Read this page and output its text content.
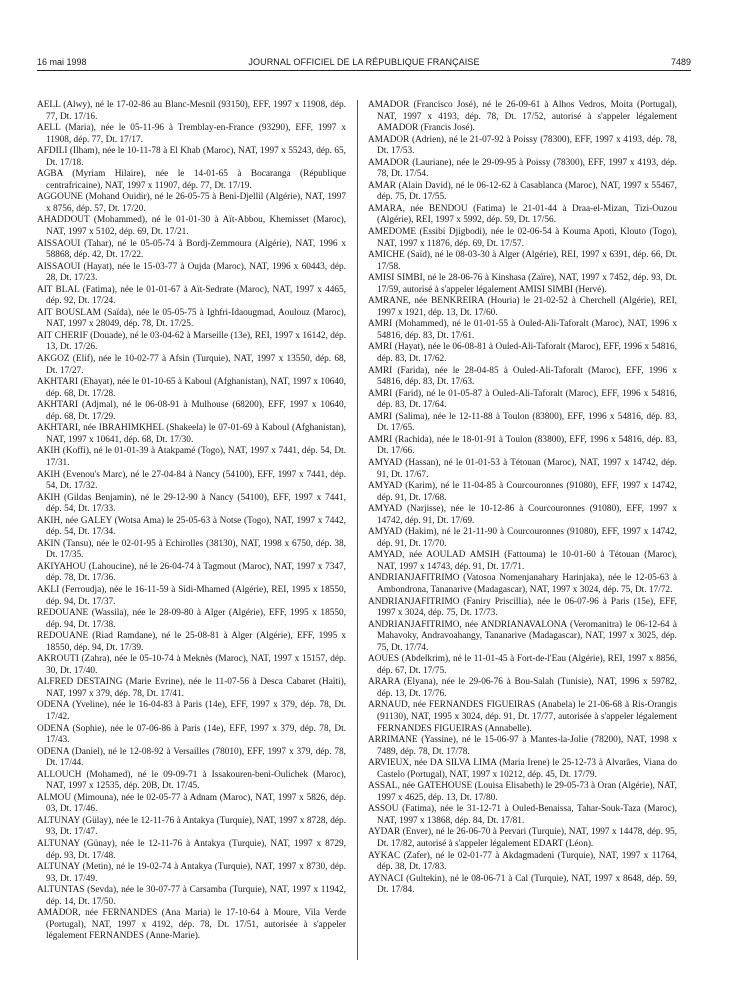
16 mai 1998	JOURNAL OFFICIEL DE LA RÉPUBLIQUE FRANÇAISE	7489

AELL (Alwy), né le 17-02-86 au Blanc-Mesnil (93150), EFF, 1997 x 11908, dép. 77, Dt. 17/16.

AELL (Maria), née le 05-11-96 à Tremblay-en-France (93290), EFF, 1997 x 11908, dép. 77, Dt. 17/17.

AFDILI (Ilham), née le 10-11-78 à El Khab (Maroc), NAT, 1997 x 55243, dép. 65, Dt. 17/18.

AGBA (Myriam Hilaire), née le 14-01-65 à Bocaranga (République centrafricaine), NAT, 1997 x 11907, dép. 77, Dt. 17/19.

AGGOUNE (Mohand Ouidir), né le 26-05-75 à Beni-Djellil (Algérie), NAT, 1997 x 8756, dép. 57, Dt. 17/20.

AHADDOUT (Mohammed), né le 01-01-30 à Aït-Abbou, Khemisset (Maroc), NAT, 1997 x 5102, dép. 69, Dt. 17/21.

AISSAOUI (Tahar), né le 05-05-74 à Bordj-Zemmoura (Algérie), NAT, 1996 x 58868, dép. 42, Dt. 17/22.

AISSAOUI (Hayat), née le 15-03-77 à Oujda (Maroc), NAT, 1996 x 60443, dép. 28, Dt. 17/23.

AIT BLAL (Fatima), née le 01-01-67 à Aït-Sedrate (Maroc), NAT, 1997 x 4465, dép. 92, Dt. 17/24.

AIT BOUSLAM (Saïda), née le 05-05-75 à Ighfri-Idaougmad, Aoulouz (Maroc), NAT, 1997 x 28049, dép. 78, Dt. 17/25.

AIT CHERIF (Douade), né le 03-04-62 à Marseille (13e), REI, 1997 x 16142, dép. 13, Dt. 17/26.

AKGOZ (Elif), née le 10-02-77 à Afsin (Turquie), NAT, 1997 x 13550, dép. 68, Dt. 17/27.

AKHTARI (Ehayat), née le 01-10-65 à Kaboul (Afghanistan), NAT, 1997 x 10640, dép. 68, Dt. 17/28.

AKHTARI (Adjmal), né le 06-08-91 à Mulhouse (68200), EFF, 1997 x 10640, dép. 68, Dt. 17/29.

AKHTARI, née IBRAHIMKHEL (Shakeela) le 07-01-69 à Kaboul (Afghanistan), NAT, 1997 x 10641, dép. 68, Dt. 17/30.

AKIH (Koffi), né le 01-01-39 à Atakpamé (Togo), NAT, 1997 x 7441, dép. 54, Dt. 17/31.

AKIH (Evenou's Marc), né le 27-04-84 à Nancy (54100), EFF, 1997 x 7441, dép. 54, Dt. 17/32.

AKIH (Gildas Benjamin), né le 29-12-90 à Nancy (54100), EFF, 1997 x 7441, dép. 54, Dt. 17/33.

AKIH, née GALEY (Wotsa Ama) le 25-05-63 à Notse (Togo), NAT, 1997 x 7442, dép. 54, Dt. 17/34.

AKIN (Tansu), née le 02-01-95 à Echirolles (38130), NAT, 1998 x 6750, dép. 38, Dt. 17/35.

AKIYAHOU (Lahoucine), né le 26-04-74 à Tagmout (Maroc), NAT, 1997 x 7347, dép. 78, Dt. 17/36.

AKLI (Ferroudja), née le 16-11-59 à Sidi-Mhamed (Algérie), REI, 1995 x 18550, dép. 94, Dt. 17/37.

REDOUANE (Wassila), née le 28-09-80 à Alger (Algérie), EFF, 1995 x 18550, dép. 94, Dt. 17/38.

REDOUANE (Riad Ramdane), né le 25-08-81 à Alger (Algérie), EFF, 1995 x 18550, dép. 94, Dt. 17/39.

AKROUTI (Zahra), née le 05-10-74 à Meknès (Maroc), NAT, 1997 x 15157, dép. 30, Dt. 17/40.

ALFRED DESTAING (Marie Evrine), née le 11-07-56 à Desca Cabaret (Haïti), NAT, 1997 x 379, dép. 78, Dt. 17/41.

ODENA (Yveline), née le 16-04-83 à Paris (14e), EFF, 1997 x 379, dép. 78, Dt. 17/42.

ODENA (Sophie), née le 07-06-86 à Paris (14e), EFF, 1997 x 379, dép. 78, Dt. 17/43.

ODENA (Daniel), né le 12-08-92 à Versailles (78010), EFF, 1997 x 379, dép. 78, Dt. 17/44.

ALLOUCH (Mohamed), né le 09-09-71 à Issakouren-beni-Oulichek (Maroc), NAT, 1997 x 12535, dép. 20B, Dt. 17/45.

ALMOU (Mimouna), née le 02-05-77 à Adnam (Maroc), NAT, 1997 x 5826, dép. 03, Dt. 17/46.

ALTUNAY (Gülay), née le 12-11-76 à Antakya (Turquie), NAT, 1997 x 8728, dép. 93, Dt. 17/47.

ALTUNAY (Günay), née le 12-11-76 à Antakya (Turquie), NAT, 1997 x 8729, dép. 93, Dt. 17/48.

ALTUNAY (Metin), né le 19-02-74 à Antakya (Turquie), NAT, 1997 x 8730, dép. 93, Dt. 17/49.

ALTUNTAS (Sevda), née le 30-07-77 à Carsamba (Turquie), NAT, 1997 x 11942, dép. 14, Dt. 17/50.

AMADOR, née FERNANDES (Ana Maria) le 17-10-64 à Moure, Vila Verde (Portugal), NAT, 1997 x 4192, dép. 78, Dt. 17/51, autorisée à s'appeler légalement FERNANDES (Anne-Marie).

AMADOR (Francisco José), né le 26-09-61 à Alhos Vedros, Moita (Portugal), NAT, 1997 x 4193, dép. 78, Dt. 17/52, autorisé à s'appeler légalement AMADOR (Francis José).

AMADOR (Adrien), né le 21-07-92 à Poissy (78300), EFF, 1997 x 4193, dép. 78, Dt. 17/53.

AMADOR (Lauriane), née le 29-09-95 à Poissy (78300), EFF, 1997 x 4193, dép. 78, Dt. 17/54.

AMAR (Alain David), né le 06-12-62 à Casablanca (Maroc), NAT, 1997 x 55467, dép. 75, Dt. 17/55.

AMARA, née BENDOU (Fatima) le 21-01-44 à Draa-el-Mizan, Tizi-Ouzou (Algérie), REI, 1997 x 5992, dép. 59, Dt. 17/56.

AMEDOME (Essibi Djigbodi), née le 02-06-54 à Kouma Apoti, Klouto (Togo), NAT, 1997 x 11876, dép. 69, Dt. 17/57.

AMICHE (Saïd), né le 08-03-30 à Alger (Algérie), REI, 1997 x 6391, dép. 66, Dt. 17/58.

AMISI SIMBI, né le 28-06-76 à Kinshasa (Zaïre), NAT, 1997 x 7452, dép. 93, Dt. 17/59, autorisé à s'appeler légalement AMISI SIMBI (Hervé).

AMRANE, née BENKREIRA (Houria) le 21-02-52 à Cherchell (Algérie), REI, 1997 x 1921, dép. 13, Dt. 17/60.

AMRI (Mohammed), né le 01-01-55 à Ouled-Ali-Taforalt (Maroc), NAT, 1996 x 54816, dép. 83, Dt. 17/61.

AMRI (Hayat), née le 06-08-81 à Ouled-Ali-Taforalt (Maroc), EFF, 1996 x 54816, dép. 83, Dt. 17/62.

AMRI (Farida), née le 28-04-85 à Ouled-Ali-Taforalt (Maroc), EFF, 1996 x 54816, dép. 83, Dt. 17/63.

AMRI (Farid), né le 01-05-87 à Ouled-Ali-Taforalt (Maroc), EFF, 1996 x 54816, dép. 83, Dt. 17/64.

AMRI (Salima), née le 12-11-88 à Toulon (83800), EFF, 1996 x 54816, dép. 83, Dt. 17/65.

AMRI (Rachida), née le 18-01-91 à Toulon (83800), EFF, 1996 x 54816, dép. 83, Dt. 17/66.

AMYAD (Hassan), né le 01-01-53 à Tétouan (Maroc), NAT, 1997 x 14742, dép. 91, Dt. 17/67.

AMYAD (Karim), né le 11-04-85 à Courcouronnes (91080), EFF, 1997 x 14742, dép. 91, Dt. 17/68.

AMYAD (Narjisse), née le 10-12-86 à Courcouronnes (91080), EFF, 1997 x 14742, dép. 91, Dt. 17/69.

AMYAD (Hakim), né le 21-11-90 à Courcouronnes (91080), EFF, 1997 x 14742, dép. 91, Dt. 17/70.

AMYAD, née AOULAD AMSIH (Fattouma) le 10-01-60 à Tétouan (Maroc), NAT, 1997 x 14743, dép. 91, Dt. 17/71.

ANDRIANJAFITRIMO (Vatosoa Nomenjanahary Harinjaka), née le 12-05-63 à Ambondrona, Tananarive (Madagascar), NAT, 1997 x 3024, dép. 75, Dt. 17/72.

ANDRIANJAFITRIMO (Faniry Priscillia), née le 06-07-96 à Paris (15e), EFF, 1997 x 3024, dép. 75, Dt. 17/73.

ANDRIANJAFITRIMO, née ANDRIANAVALONA (Veromanitra) le 06-12-64 à Mahavoky, Andravoahangy, Tananarive (Madagascar), NAT, 1997 x 3025, dép. 75, Dt. 17/74.

AOUES (Abdelkrim), né le 11-01-45 à Fort-de-l'Eau (Algérie), REI, 1997 x 8856, dép. 67, Dt. 17/75.

ARARA (Elyana), née le 29-06-76 à Bou-Salah (Tunisie), NAT, 1996 x 59782, dép. 13, Dt. 17/76.

ARNAUD, née FERNANDES FIGUEIRAS (Anabela) le 21-06-68 à Ris-Orangis (91130), NAT, 1995 x 3024, dép. 91, Dt. 17/77, autorisée à s'appeler légalement FERNANDES FIGUEIRAS (Annabelle).

ARRIMANE (Yassine), né le 15-06-97 à Mantes-la-Jolie (78200), NAT, 1998 x 7489, dép. 78, Dt. 17/78.

ARVIEUX, née DA SILVA LIMA (Maria Irene) le 25-12-73 à Alvarães, Viana do Castelo (Portugal), NAT, 1997 x 10212, dép. 45, Dt. 17/79.

ASSAL, née GATEHOUSE (Louisa Elisabeth) le 29-05-73 à Oran (Algérie), NAT, 1997 x 4625, dép. 13, Dt. 17/80.

ASSOU (Fatima), née le 31-12-71 à Ouled-Benaissa, Tahar-Souk-Taza (Maroc), NAT, 1997 x 13868, dép. 84, Dt. 17/81.

AYDAR (Enver), né le 26-06-70 à Pervari (Turquie), NAT, 1997 x 14478, dép. 95, Dt. 17/82, autorisé à s'appeler légalement EDART (Léon).

AYKAC (Zafer), né le 02-01-77 à Akdagmadeni (Turquie), NAT, 1997 x 11764, dép. 38, Dt. 17/83.

AYNACI (Gultekin), né le 08-06-71 à Cal (Turquie), NAT, 1997 x 8648, dép. 59, Dt. 17/84.
